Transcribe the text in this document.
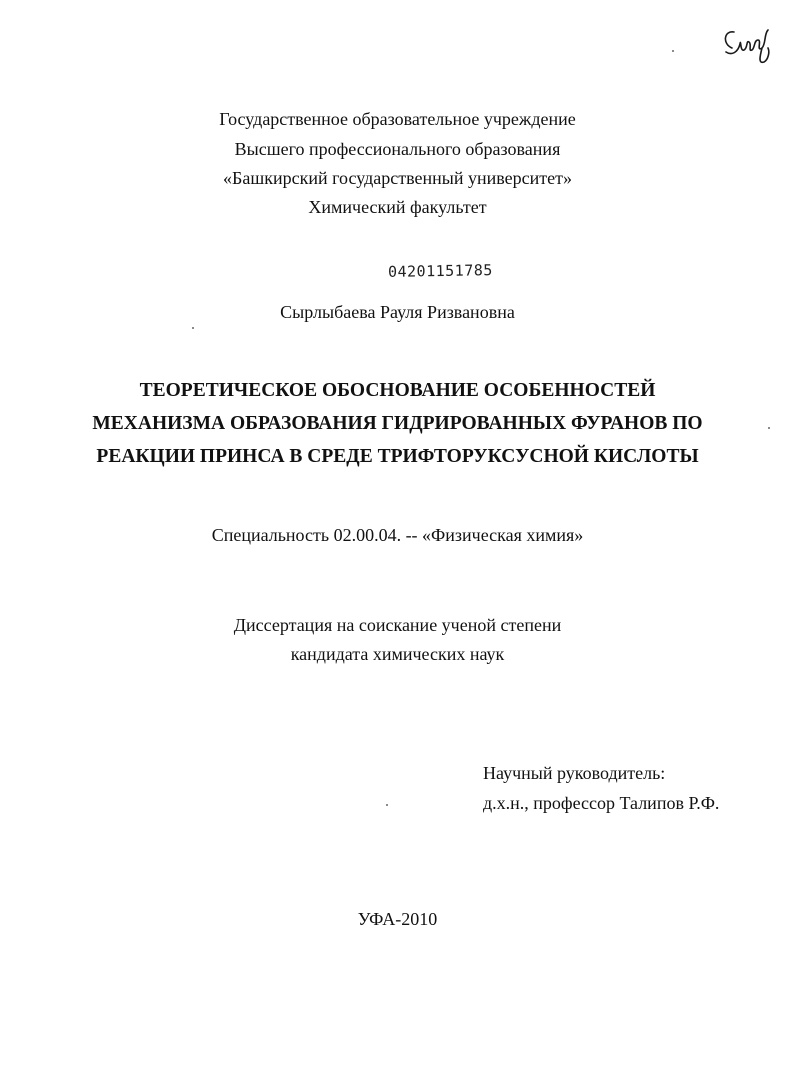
Государственное образовательное учреждение
Высшего профессионального образования
«Башкирский государственный университет»
Химический факультет
04201151785
Сырлыбаева Рауля Ризвановна
ТЕОРЕТИЧЕСКОЕ ОБОСНОВАНИЕ ОСОБЕННОСТЕЙ
МЕХАНИЗМА ОБРАЗОВАНИЯ ГИДРИРОВАННЫХ ФУРАНОВ ПО
РЕАКЦИИ ПРИНСА В СРЕДЕ ТРИФТОРУКСУСНОЙ КИСЛОТЫ
Специальность 02.00.04. -- «Физическая химия»
Диссертация на соискание ученой степени
кандидата химических наук
Научный руководитель:
д.х.н., профессор Талипов Р.Ф.
УФА-2010
